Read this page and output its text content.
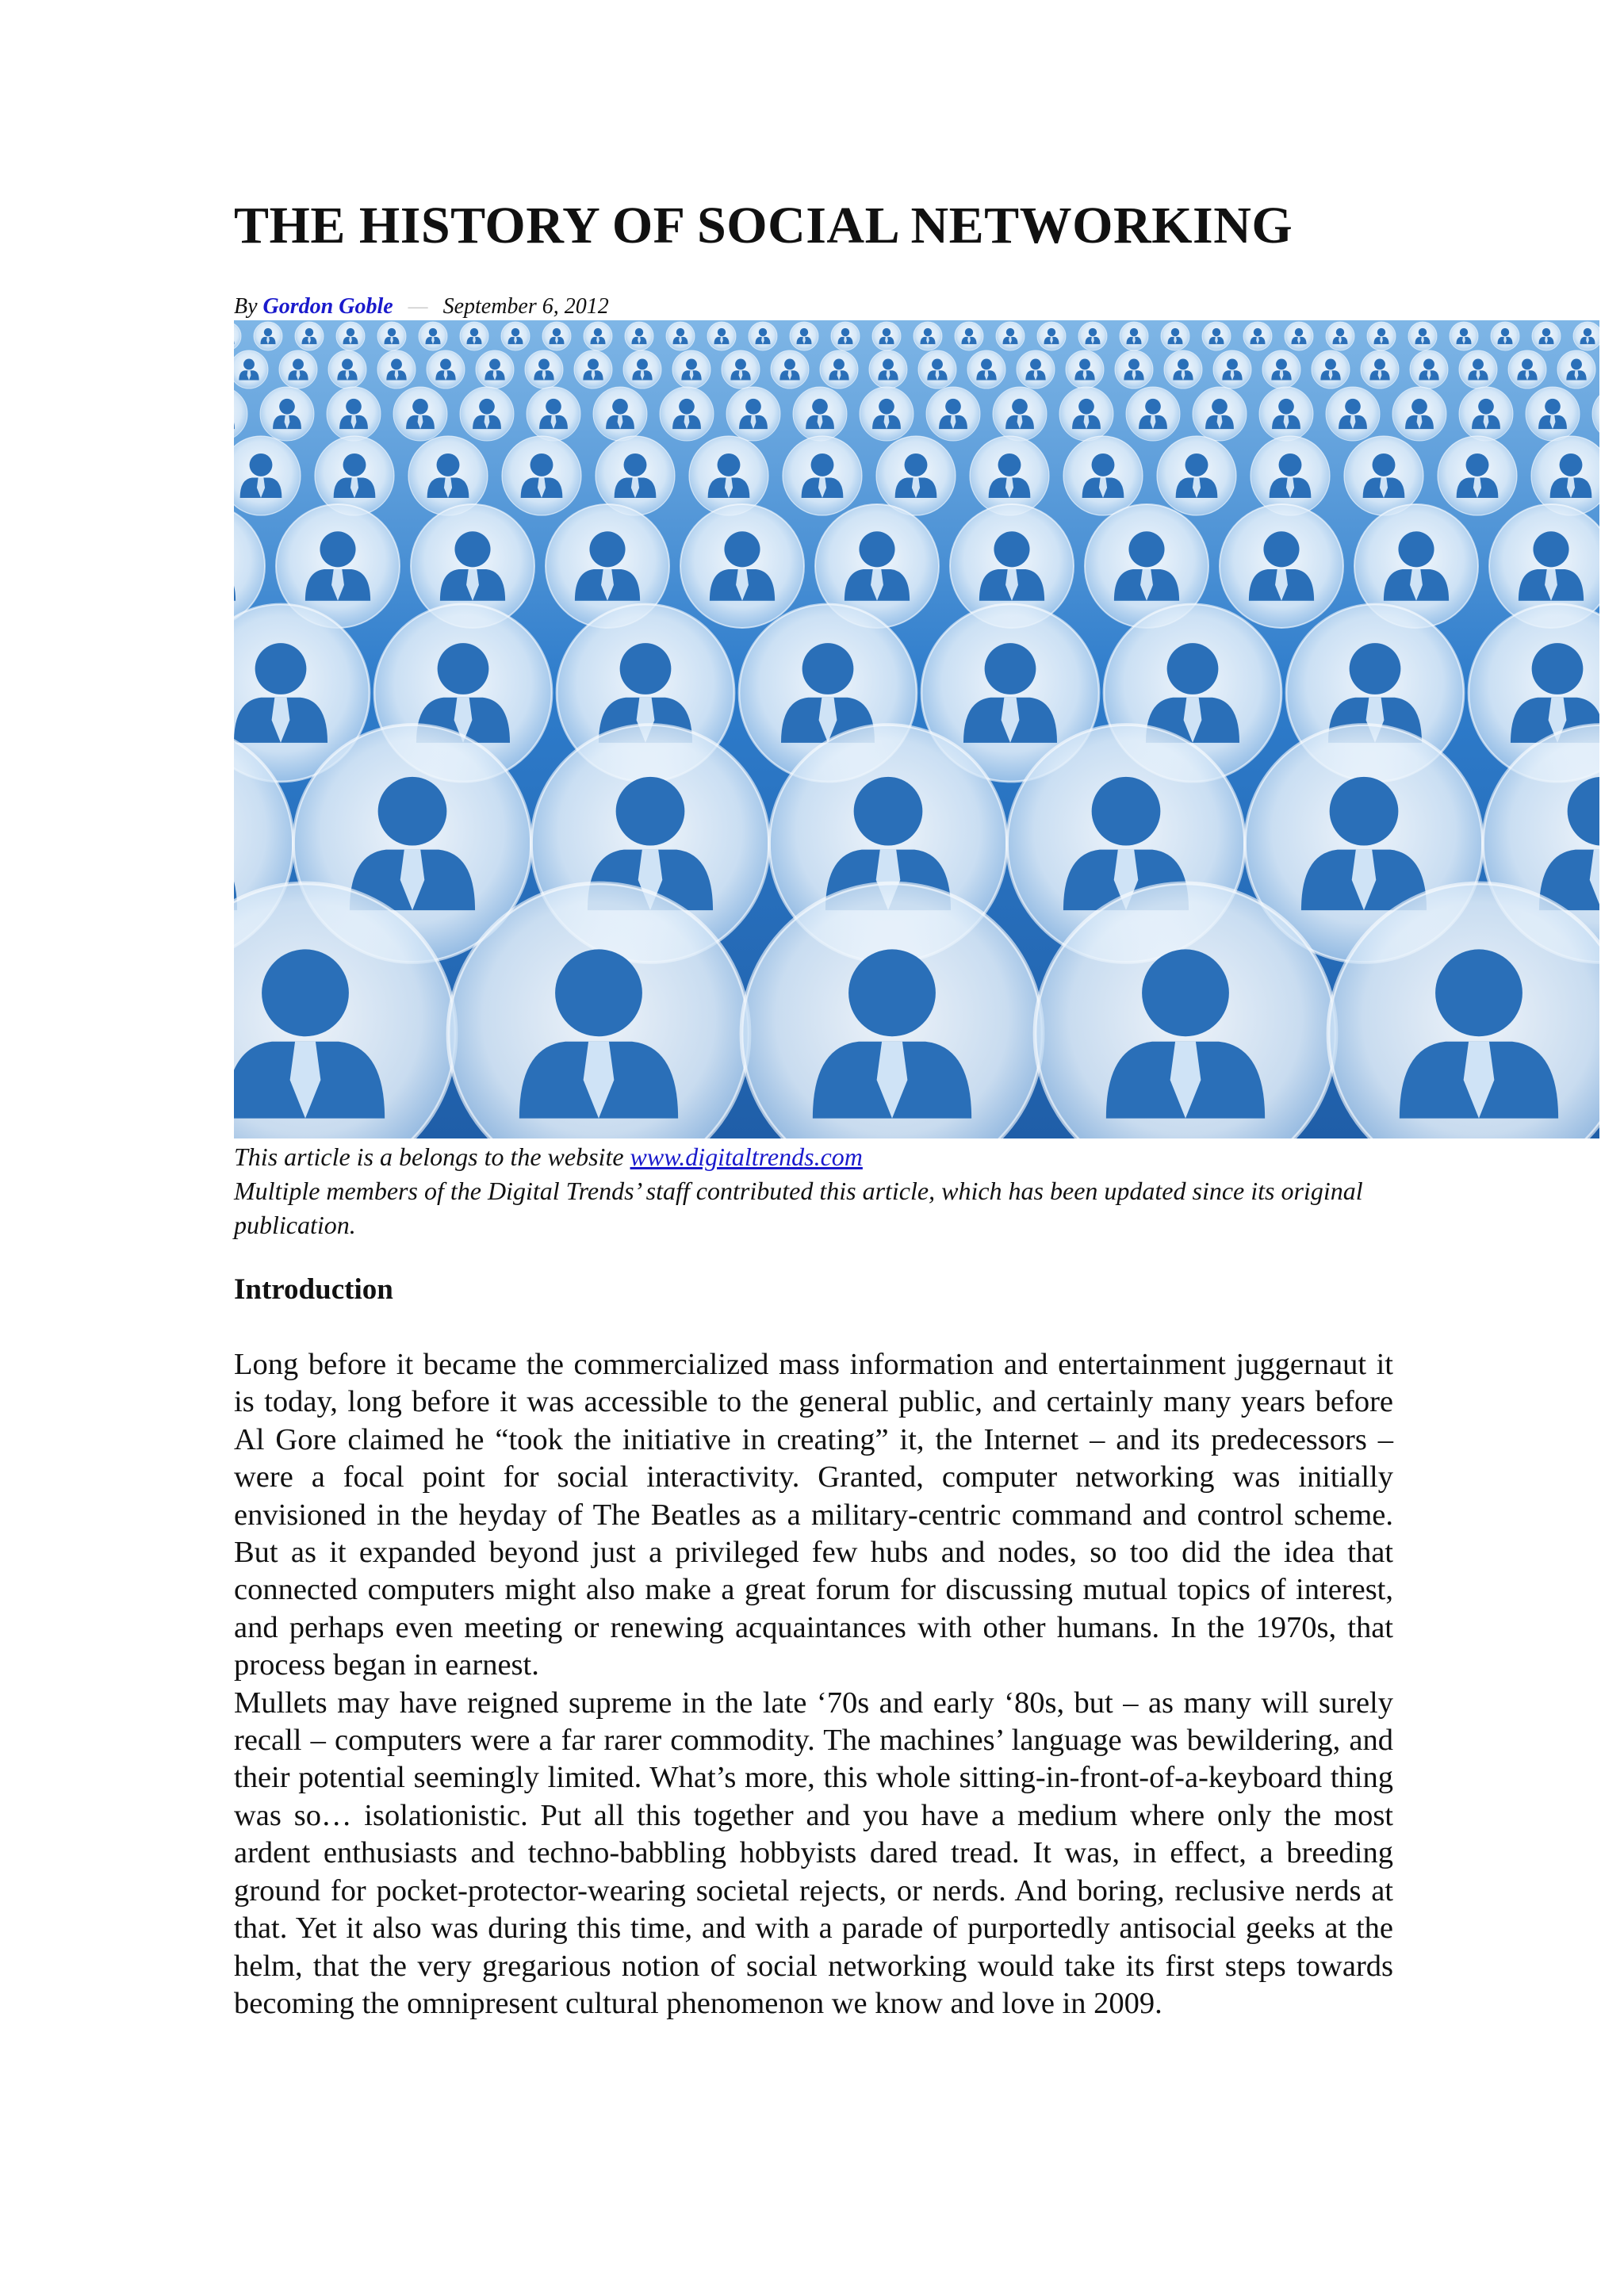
THE HISTORY OF SOCIAL NETWORKING
By Gordon Goble — September 6, 2012
This article is a belongs to the website www.digitaltrends.com
Multiple members of the Digital Trends’ staff contributed this article, which has been updated since its original publication.
Introduction

Long before it became the commercialized mass information and entertainment juggernaut it is today, long before it was accessible to the general public, and certainly many years before Al Gore claimed he “took the initiative in creating” it, the Internet – and its predecessors – were a focal point for social interactivity. Granted, computer networking was initially envisioned in the heyday of The Beatles as a military-centric command and control scheme. But as it expanded beyond just a privileged few hubs and nodes, so too did the idea that connected computers might also make a great forum for discussing mutual topics of interest, and perhaps even meeting or renewing acquaintances with other humans. In the 1970s, that process began in earnest.

Mullets may have reigned supreme in the late ‘70s and early ‘80s, but – as many will surely recall – computers were a far rarer commodity. The machines’ language was bewildering, and their potential seemingly limited. What’s more, this whole sitting-in-front-of-a-keyboard thing was so… isolationistic. Put all this together and you have a medium where only the most ardent enthusiasts and techno-babbling hobbyists dared tread. It was, in effect, a breeding ground for pocket-protector-wearing societal rejects, or nerds. And boring, reclusive nerds at that. Yet it also was during this time, and with a parade of purportedly antisocial geeks at the helm, that the very gregarious notion of social networking would take its first steps towards becoming the omnipresent cultural phenomenon we know and love in 2009.
